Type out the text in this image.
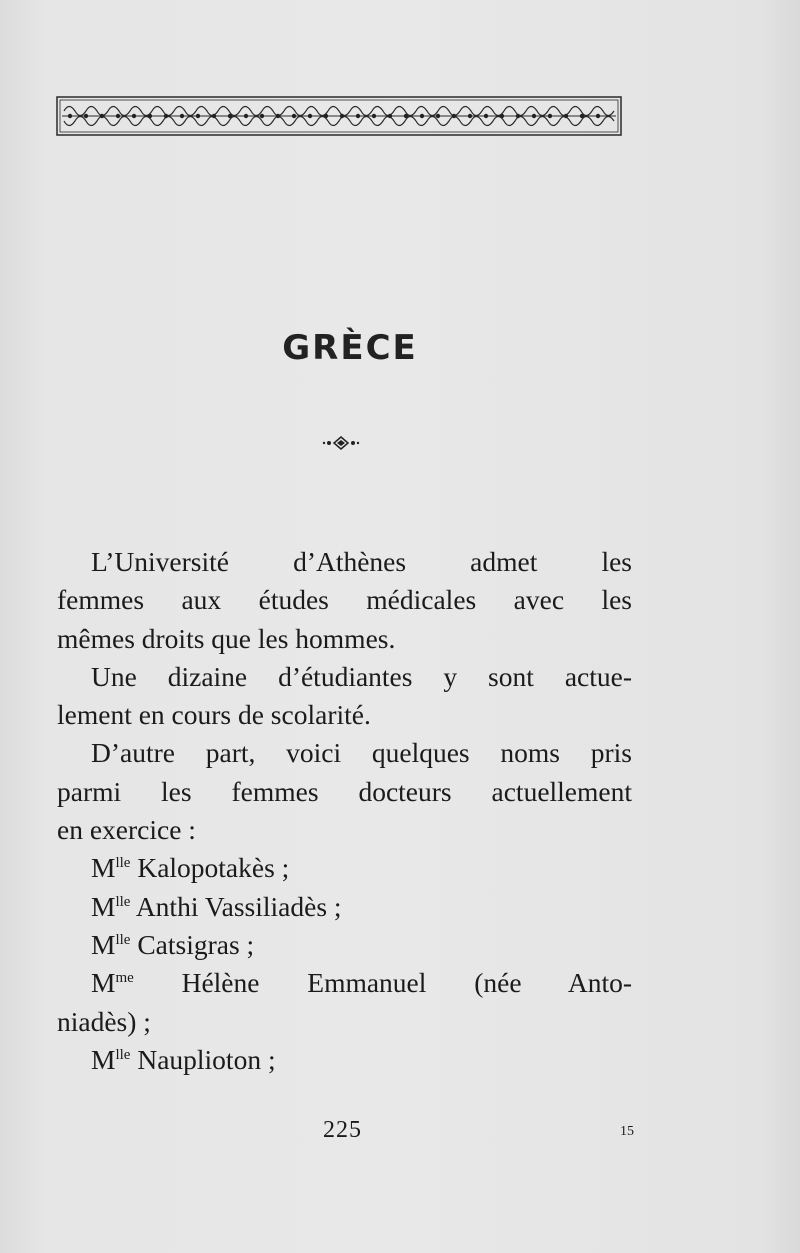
GRÈCE

L’Université d’Athènes admet les

femmes aux études médicales avec les

mêmes droits que les hommes.

Une dizaine d’étudiantes y sont actue-

lement en cours de scolarité.

D’autre part, voici quelques noms pris

parmi les femmes docteurs actuellement

en exercice :

$M^{lle}$ Kalopotakès ;

$M^{lle}$ Anthi Vassiliadès ;

$M^{lle}$ Catsigras ;

$M^{me}$ Hélène Emmanuel (née Anto-

niadès) ;

$M^{lle}$ Nauplioton ;

225	15
